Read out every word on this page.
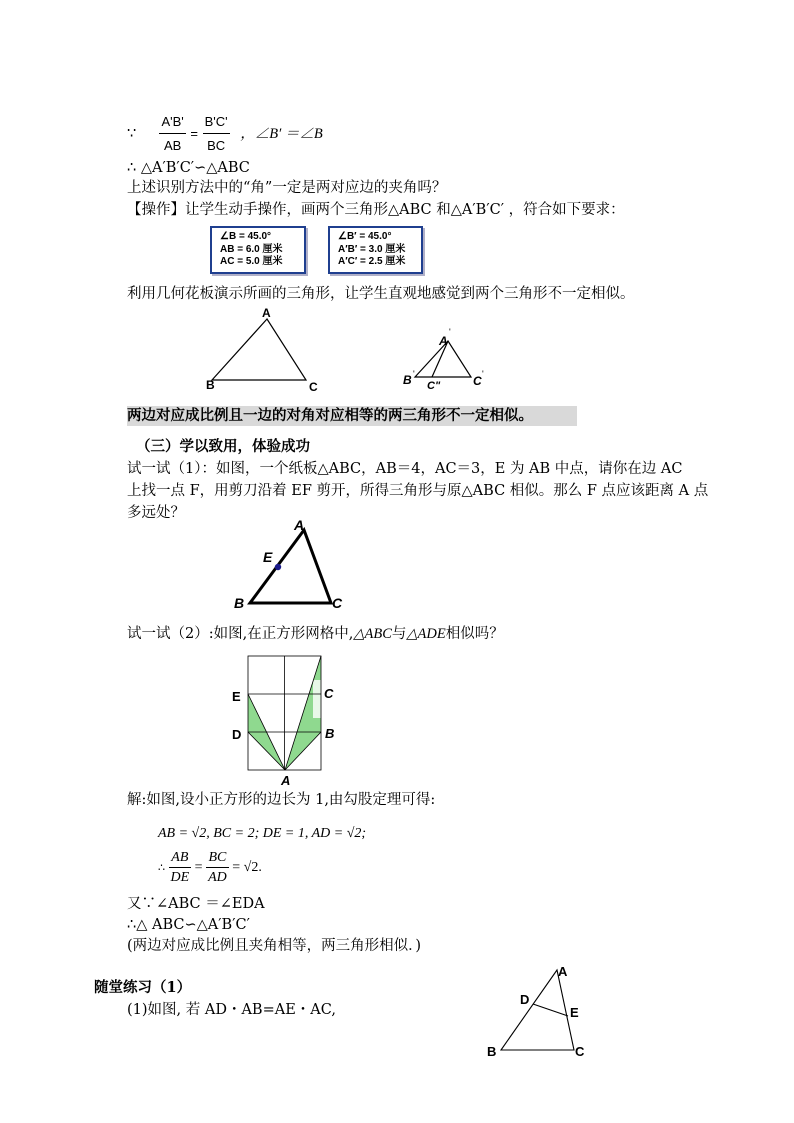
∵ $\frac{A'B'}{AB} = \frac{B'C'}{BC}$ ，∠B′ ＝∠B
∴ △A′B′C′∽△ABC
上述识别方法中的“角”一定是两对应边的夹角吗？
【操作】让学生动手操作，画两个三角形△ABC 和△A′B′C′ ，符合如下要求：
∠B = 45.0°
AB = 6.0 厘米
AC = 5.0 厘米
∠B′ = 45.0°
A′B′ = 3.0 厘米
A′C′ = 2.5 厘米
利用几何花板演示所画的三角形，让学生直观地感觉到两个三角形不一定相似。
A
B	C
A
'
B '
C"	C '
两边对应成比例且一边的对角对应相等的两三角形不一定相似。
（三）学以致用，体验成功
试一试（1）：如图，一个纸板△ABC，AB＝4，AC＝3，E 为 AB 中点，请你在边 AC
上找一点 F，用剪刀沿着 EF 剪开，所得三角形与原△ABC 相似。那么 F 点应该距离 A 点
多远处？
A
E
B	C
试一试（2）:如图,在正方形网格中,△ABC与△ADE相似吗？
A
B
C
D
E
解:如图,设小正方形的边长为 1,由勾股定理可得:
AB = √2, BC = 2; DE = 1, AD = √2;
∴ $\frac{AB}{DE} = \frac{BC}{AD} = √2$.
又∵∠ABC ＝∠EDA
∴△ ABC∽△A′B′C′
(两边对应成比例且夹角相等，两三角形相似．)
随堂练习（1）
(1)如图, 若 AD・AB=AE・AC,
A
D
E
B	C
